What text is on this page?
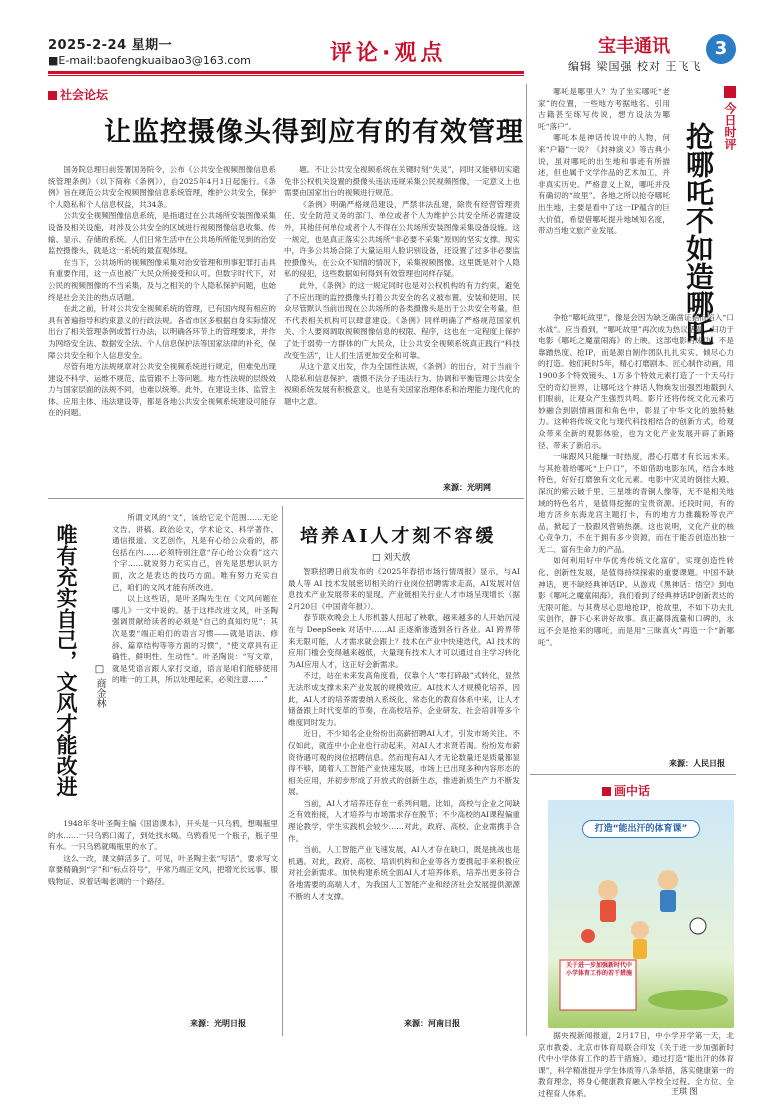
2025-2-24 星期一
■E-mail:baofengkuaibao3@163.com	评论·观点	宝丰通讯
编辑 梁国强 校对 王飞飞
3
社会论坛
让监控摄像头得到应有的有效管理

国务院总理日前签署国务院令，公布《公共安全视频图像信息系统管理条例》（以下简称《条例》），自2025年4月1日起施行。《条例》旨在规范公共安全视频图像信息系统管理，维护公共安全，保护个人隐私和个人信息权益，共34条。

公共安全视频图像信息系统，是指通过在公共场所安装图像采集设备及相关设施，对涉及公共安全的区域进行视频图像信息收集、传输、显示、存储的系统。人们日常生活中在公共场所所能见到的治安监控摄像头，就是这一系统的最直观体现。

在当下，公共场所的视频图像采集对治安管理和刑事犯罪打击具有重要作用，这一点也被广大民众所接受和认可。但数字时代下，对公民的视频图像的不当采集，及与之相关的个人隐私保护问题，也始终是社会关注的热点话题。

在此之前，针对公共安全视频系统的管理，已有国内现有相应的具有普遍指导和约束意义的行政法规。各省市区多根据自身实际情况出台了相关管理条例或暂行办法，以明确各环节上的管理要求，并作为网络安全法、数据安全法、个人信息保护法等国家法律的补充，保障公共安全和个人信息安全。

尽管有地方法规规章对公共安全视频系统进行规定，但难免出现建设不科学、运维不规范、监管跟不上等问题。地方性法规的层级效力与国家层面的法规不同，也难以统筹。此外，在建设主体、监管主体、应用主体、违法建设等，都是各地公共安全视频系统建设可能存在的问题。

题。不让公共安全视频系统在关键时刻“失灵”，同时又能够切实避免非公权机关设置的摄像头违法违规采集公民视频图像，一定意义上也需要由国家出台的视频进行规范。

《条例》明确严格规范建设，严禁非法乱建，除贵有经营管理责任、安全防范义务的部门、单位或者个人为维护公共安全所必需建设外，其他任何单位或者个人不得在公共场所安装图像采集设备设施。这一规定，也是真正落实公共场所“非必要不采集”原则的坚实支撑。现实中，许多公共场合除了大量运用人脸识别设备，还设置了过多非必要监控摄像头，在公众不知情的情况下，采集视频图像。这里既是对个人隐私的侵犯，这些数据如何得到有效管理也同样存疑。

此外，《条例》的这一规定同时也是对公权机构的有力约束，避免了不应出现的监控摄像头打着公共安全的名义被布置、安装和使用。民众尽管默认当前出现在公共场所的各类摄像头是出于公共安全考量，但不代表相关机构可以肆意建设。《条例》同样明确了严格规范国家机关、个人要阅调取视频图像信息的权限、程序，这也在一定程度上保护了处于弱势一方群体的广大民众，让公共安全视频系统真正践行“科技改变生活”，让人们生活更加安全和可靠。

从这个意义出发，作为全国性法规，《条例》的出台，对于当前个人隐私和信息保护、震慑不法分子违法行为、协调和平衡管理公共安全视频系统发展有积极意义，也是有关国家治理体系和治理能力现代化的题中之意。

来源：光明网
今日时评
抢哪吒不如造哪吒

哪吒是哪里人？为了坐实哪吒“老家”的位置，一些地方考据地名、引用古籍甚至练写传说，想方设法为哪吒“落户”。

哪吒本是神话传说中的人物，何来“户籍”一说？《封神演义》等古典小说，虽对哪吒的出生地和事迹有所描述，但也属于文学作品的艺术加工，并非真实历史。严格意义上说，哪吒并没有确切的“故里”。各地之所以抢夺哪吒出生地，主要是看中了这一IP蕴含的巨大价值，希望借哪吒提升地域知名度，带动当地文旅产业发展。

争抢“哪吒故里”，像是会因为缺乏确凿证据而陷入“口水战”。应当看到，“哪吒故里”再次成为热议话题，归功于电影《哪吒之魔童闹海》的上映。这部电影的成功，不是靠蹭热度、抢IP，而是源自制作团队扎扎实实、倾尽心力的打造。他们耗时5年，精心打磨剧本、匠心制作动画，用1900多个特效镜头、1万多个特效元素打造了一个天马行空的奇幻世界，让哪吒这个神话人物焕发出强烈地戳到人们眼前，让观众产生强烈共鸣。影片还将传统文化元素巧妙融合到剧情画面和角色中，彰显了中华文化的独特魅力。这种将传统文化与现代科技相结合的创新方式，给观众带来全新的观影体验，也为文化产业发展开辟了新路径、带来了新启示。

一味跟风只能赚一时热度，潜心打磨才有长远未来。与其抢着给哪吒“上户口”，不如借助电影东风，结合本地特色，好好打磨独有文化元素。电影中灾灵的倒挂大殿、深沉的紫云破千里、三星堆的青铜人像等，无不是相关地域的特色名片，是值得挖掘的宝贵资源。还段时间，有的地方济乡东海龙宫主题打卡，有的地方力推藕粉等农产品，掀起了一股跟风营销热潮。这也说明，文化产业的核心竞争力，不在于拥有多少资源，而在于能否创造出独一无二、富有生命力的产品。

如何利用好中华优秀传统文化富矿，实现创造性转化、创新性发展，是值得持续探索的重要课题。中国不缺神话，更不缺经典神话IP。从游戏《黑神话：悟空》到电影《哪吒之魔童闹海》，我们看到了经典神话IP创新表达的无限可能。与其费尽心思地抢IP，抢故里，不如下功夫扎实创作，静下心来讲好故事。真正赢得流量和口碑的，永远不会是抢来的哪吒，而是用“三昧真火”再造一个“新哪吒”。

来源：人民日报
唯有充实自己，文风才能改进 □ 商金林

所谓文风的“文”，该给它定个范围……无论文告、讲稿、政治论文，学术论文、科学著作、通信报道、文艺创作，凡是有心给公众看的，都包括在内……必须特别注意“存心给公众看”这六个字……就说努力充实自己，首先是思想认识方面，次之是表达的技巧方面。唯有努力充实自己，咱们的文风才能有所改进。

以上这些话，是叶圣陶先生在《文风问题在哪儿》一文中说的。基于这样改进文风，叶圣陶强调贯献给读者的必须是“自己的真知灼见”；其次是要“端正咱们的语言习惯——就是语法、修辞、篇章结构等等方面的习惯”，“使文章具有正确性、鲜明性、生动性”。叶圣陶说：“写文章，就是凭语言跟人家打交道，语言是咱们能够使用的唯一的工具，所以处理起来，必须注意……”

1948年冬叶圣陶主编《国语课本》，开头是一只乌鸦，想喝瓶里的水……一只乌鸦口渴了，到处找水喝。乌鸦看见一个瓶子，瓶子里有水。一只乌鸦就喝瓶里的水了。

这么一改，课文鲜活多了。可见，叶圣陶主张“写话”，要求写文章要精确到“字”和“标点符号”，平常乃端正文风，把增光长远事、服贱物证、说着话喝老调的一个路径。

来源：光明日报
培养AI人才刻不容缓
□ 刘天放

智联招聘日前发布的《2025年春招市场行情周报》显示，与AI最人等 AI 技术发展密切相关的行业岗位招聘需求走高，AI发展对信息技术产业发展带来的显现，产业链相关行业人才市场呈现增长（据2月20日《中国青年报》）。

春节联欢晚会上人形机器人扭起了秧歌，越来越多的人开始沉浸在与 DeepSeek 对话中……AI 正逐渐渗透到各行各业。AI 跨界带来无限可能，人才需求就会跟上？技术在产业中快速迭代，AI 技术的应用门槛会变得越来越低，大量现有技术人才可以通过自主学习转化为AI应用人才，这正好会新需求。

不过，站在未来发高角度看，仅靠个人“零打碎敲”式转化，显然无法形成支撑未来产业发展的规模效应。AI技术人才规模化培养，因此，AI人才的培养需要纳入系统化、常态化的教育体系中来，让人才储备跟上时代变革的节奏，在高校培养、企业研发、社会培训等多个维度同时发力。

近日，不少知名企业纷纷出高薪招聘AI人才，引发市场关注。不仅如此，就连中小企业也行动起来，对AI人才求贤若渴。纷纷发布薪资待遇可观的岗位招聘信息。然而现有AI人才无论数量还是质量都显得不够，随着人工智能产业快速发展，市场上已出现多种内容形态的相关应用，并初步形成了开放式的创新生态，推进新质生产力不断发展。

当前，AI人才培养还存在一系列问题。比如，高校与企业之间缺乏有效衔接，人才培养与市场需求存在脱节；不少高校的AI课程偏重理论教学，学生实践机会较少……对此，政府、高校、企业需携手合作。

当前，人工智能产业飞速发展，AI人才存在缺口，既是挑战也是机遇。对此，政府、高校、培训机构和企业等各方要携起手来积极应对社会新需求。加快构建系统全面AI人才培养体系，培养出更多符合各地需要的高端人才，为我国人工智能产业和经济社会发展提供源源不断的人才支撑。

来源：河南日报
画中话
打造“能出汗的体育课”
关于进一步加强新时代中小学体育工作的若干措施

据央视新闻报道，2月17日，中小学开学第一天，北京市教委、北京市体育局联合印发《关于进一步加强新时代中小学体育工作的若干措施》，通过打造“能出汗的体育课”，科学精准提升学生体质等八条举措，落实健康第一的教育理念，将身心健康教育融入学校全过程、全方位、全过程育人体系。	王琪 图
